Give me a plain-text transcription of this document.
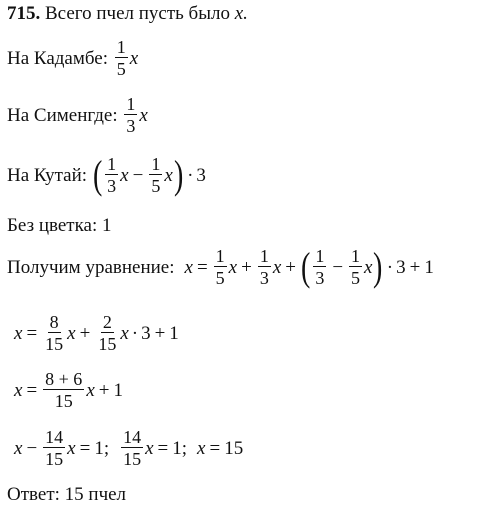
715.
Всего пчел пусть было
x.
На Кадамбе:
$\frac{1}{5}$ x
На Сименгде:
$\frac{1}{3}$ x
На Кутай:
( $\frac{1}{3}$ $x - \frac{1}{5}$ x ) · 3
Без цветка: 1
Получим уравнение: $x = \frac{1}{5}$ $x + \frac{1}{3}$ x + ( $\frac{1}{3} - \frac{1}{5}$ x ) · 3 + 1
$x = \frac{8}{15}$ $x + \frac{2}{15}$ x · 3 + 1
$x = \frac{8 + 6}{15}$ x + 1
$x - \frac{14}{15}$ x = 1 ; $\frac{14}{15}$ x = 1 ; x = 15
Ответ: 15 пчел
